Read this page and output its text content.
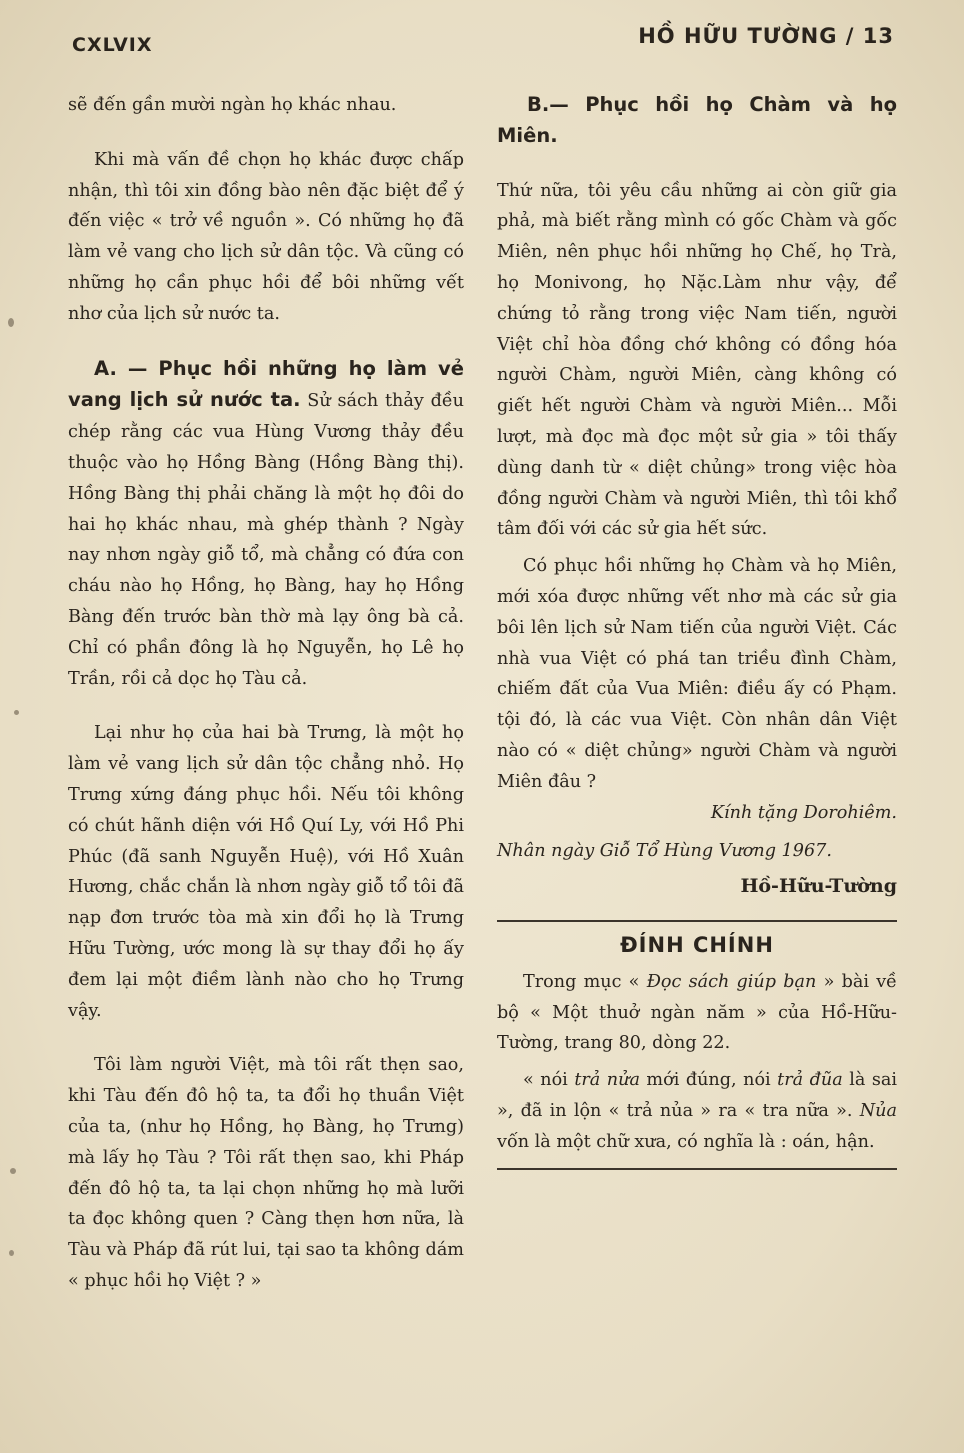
CXLVIX	HỒ HỮU TƯỜNG / 13

sẽ đến gần mười ngàn họ khác nhau.

Khi mà vấn đề chọn họ khác được chấp nhận, thì tôi xin đồng bào nên đặc biệt để ý đến việc « trở về nguồn ». Có những họ đã làm vẻ vang cho lịch sử dân tộc. Và cũng có những họ cần phục hồi để bôi những vết nhơ của lịch sử nước ta.

A. — Phục hồi những họ làm vẻ vang lịch sử nước ta. Sử sách thảy đều chép rằng các vua Hùng Vương thảy đều thuộc vào họ Hồng Bàng (Hồng Bàng thị). Hồng Bàng thị phải chăng là một họ đôi do hai họ khác nhau, mà ghép thành ? Ngày nay nhơn ngày giỗ tổ, mà chẳng có đứa con cháu nào họ Hồng, họ Bàng, hay họ Hồng Bàng đến trước bàn thờ mà lạy ông bà cả. Chỉ có phần đông là họ Nguyễn, họ Lê họ Trần, rồi cả dọc họ Tàu cả.

Lại như họ của hai bà Trưng, là một họ làm vẻ vang lịch sử dân tộc chẳng nhỏ. Họ Trưng xứng đáng phục hồi. Nếu tôi không có chút hãnh diện với Hồ Quí Ly, với Hồ Phi Phúc (đã sanh Nguyễn Huệ), với Hồ Xuân Hương, chắc chắn là nhơn ngày giỗ tổ tôi đã nạp đơn trước tòa mà xin đổi họ là Trưng Hữu Tường, ước mong là sự thay đổi họ ấy đem lại một điềm lành nào cho họ Trưng vậy.

Tôi làm người Việt, mà tôi rất thẹn sao, khi Tàu đến đô hộ ta, ta đổi họ thuần Việt của ta, (như họ Hồng, họ Bàng, họ Trưng) mà lấy họ Tàu ? Tôi rất thẹn sao, khi Pháp đến đô hộ ta, ta lại chọn những họ mà lưỡi ta đọc không quen ? Càng thẹn hơn nữa, là Tàu và Pháp đã rút lui, tại sao ta không dám « phục hồi họ Việt ? »

B.— Phục hồi họ Chàm và họ Miên.

Thứ nữa, tôi yêu cầu những ai còn giữ gia phả, mà biết rằng mình có gốc Chàm và gốc Miên, nên phục hồi những họ Chế, họ Trà, họ Monivong, họ Nặc.Làm như vậy, để chứng tỏ rằng trong việc Nam tiến, người Việt chỉ hòa đồng chớ không có đồng hóa người Chàm, người Miên, càng không có giết hết người Chàm và người Miên... Mỗi lượt, mà đọc mà đọc một sử gia » tôi thấy dùng danh từ « diệt chủng» trong việc hòa đồng người Chàm và người Miên, thì tôi khổ tâm đối với các sử gia hết sức.

Có phục hồi những họ Chàm và họ Miên, mới xóa được những vết nhơ mà các sử gia bôi lên lịch sử Nam tiến của người Việt. Các nhà vua Việt có phá tan triều đình Chàm, chiếm đất của Vua Miên: điều ấy có Phạm. tội đó, là các vua Việt. Còn nhân dân Việt nào có « diệt chủng» người Chàm và người Miên đâu ?

Kính tặng Dorohiêm.

Nhân ngày Giỗ Tổ Hùng Vương 1967.

Hồ-Hữu-Tường

ĐÍNH CHÍNH

Trong mục « Đọc sách giúp bạn » bài về bộ « Một thuở ngàn năm » của Hồ-Hữu-Tường, trang 80, dòng 22.

« nói trả nửa mới đúng, nói trả đũa là sai », đã in lộn « trả nủa » ra « tra nữa ». Nủa vốn là một chữ xưa, có nghĩa là : oán, hận.
